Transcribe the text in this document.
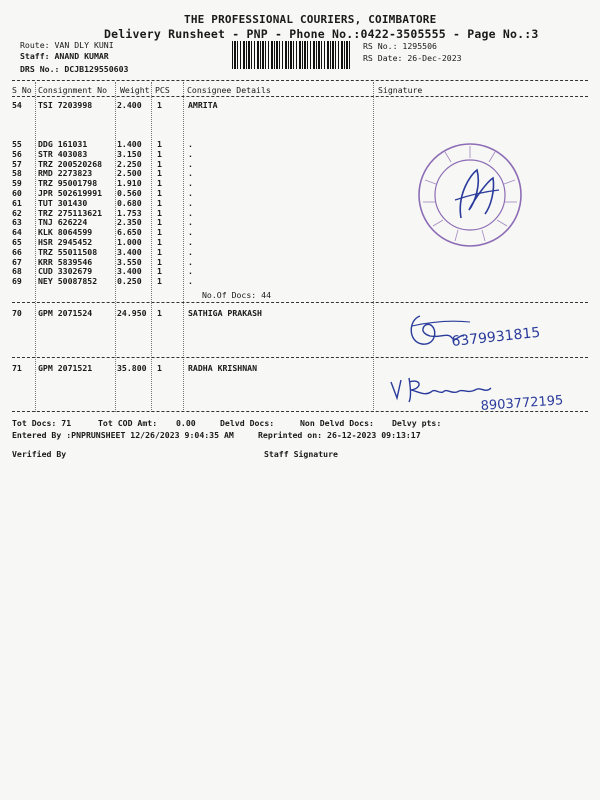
THE PROFESSIONAL COURIERS, COIMBATORE
Delivery Runsheet - PNP - Phone No.:0422-3505555 - Page No.:3
Route: VAN DLY KUNI
Staff: ANAND KUMAR
DRS No.: DCJB129550603
RS No.: 1295506
RS Date: 26-Dec-2023
S No Consignment No Weight PCS Consignee Details	Signature
54 TSI 7203998	2.400 1	AMRITA
55 DDG 161031	1.400 1	.
56 STR 403083	3.150 1	.
57 TRZ 200520268 2.250 1	.
58 RMD 2273823	2.500 1	.
59 TRZ 95001798 1.910 1	.
60 JPR 502619991 0.560 1	.
61 TUT 301430	0.680 1	.
62 TRZ 275113621 1.753 1	.
63 TNJ 626224	2.350 1	.
64 KLK 8064599	6.650 1	.
65 HSR 2945452	1.000 1	.
66 TRZ 55011508 3.400 1	.
67 KRR 5839546	3.550 1	.
68 CUD 3302679	3.400 1	.
69 NEY 50087852 0.250 1	.
No.Of Docs: 44
70 GPM 2071524	24.950 1	SATHIGA PRAKASH
71 GPM 2071521	35.800 1	RADHA KRISHNAN
Tot Docs: 71	Tot COD Amt: 0.00	Delvd Docs:	Non Delvd Docs: Delvy pts:
Entered By :PNPRUNSHEET 12/26/2023 9:04:35 AM	Reprinted on: 26-12-2023 09:13:17
Verified By	Staff Signature
6379931815
8903772195
